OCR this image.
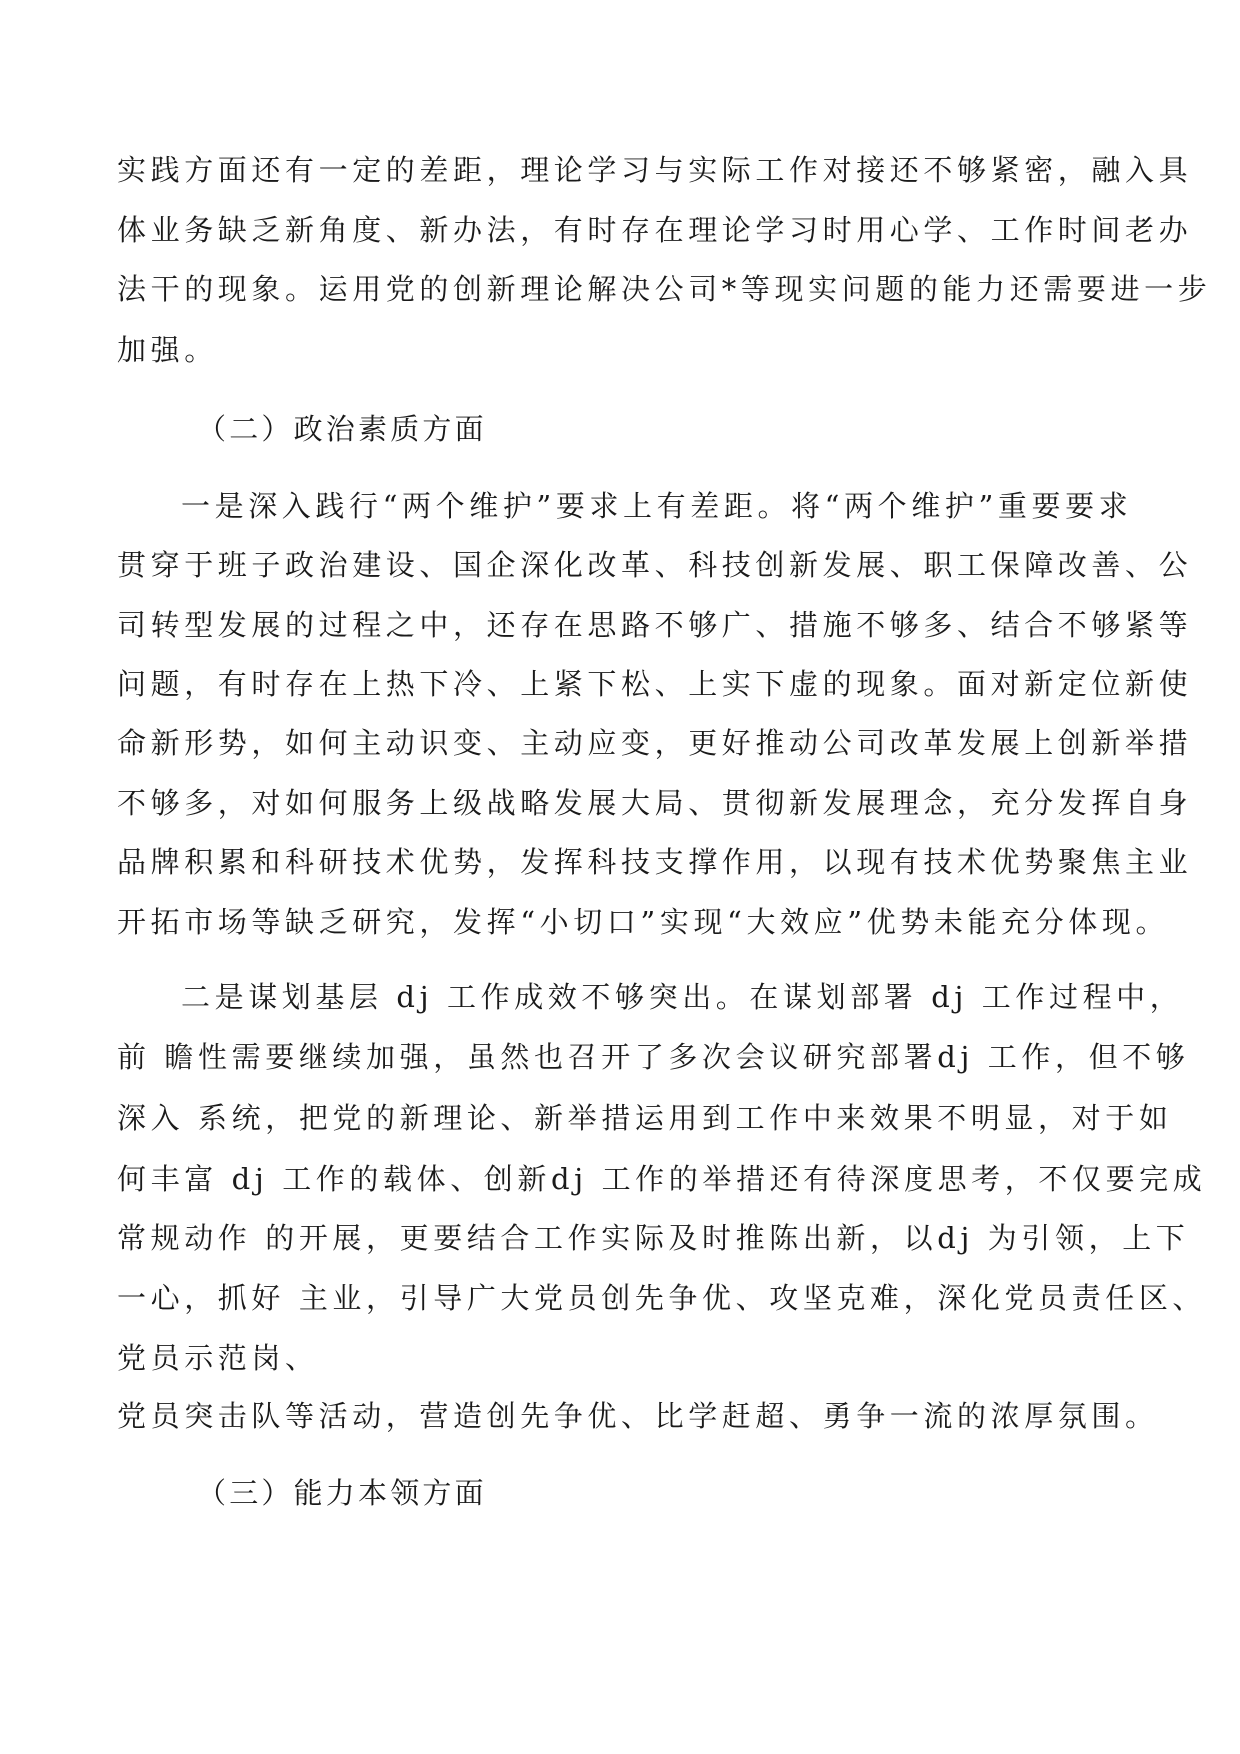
实践方面还有一定的差距，理论学习与实际工作对接还不够紧密，融入具
体业务缺乏新角度、新办法，有时存在理论学习时用心学、工作时间老办
法干的现象。运用党的创新理论解决公司*等现实问题的能力还需要进一步
加强。
（二）政治素质方面
一是深入践行“两个维护”要求上有差距。将“两个维护”重要要求
贯穿于班子政治建设、国企深化改革、科技创新发展、职工保障改善、公
司转型发展的过程之中，还存在思路不够广、措施不够多、结合不够紧等
问题，有时存在上热下冷、上紧下松、上实下虚的现象。面对新定位新使
命新形势，如何主动识变、主动应变，更好推动公司改革发展上创新举措
不够多，对如何服务上级战略发展大局、贯彻新发展理念，充分发挥自身
品牌积累和科研技术优势，发挥科技支撑作用，以现有技术优势聚焦主业
开拓市场等缺乏研究，发挥“小切口”实现“大效应”优势未能充分体现。
二是谋划基层 dj 工作成效不够突出。在谋划部署 dj 工作过程中，
前 瞻性需要继续加强，虽然也召开了多次会议研究部署dj 工作，但不够
深入 系统，把党的新理论、新举措运用到工作中来效果不明显，对于如
何丰富 dj 工作的载体、创新dj 工作的举措还有待深度思考，不仅要完成
常规动作 的开展，更要结合工作实际及时推陈出新，以dj 为引领，上下
一心，抓好 主业，引导广大党员创先争优、攻坚克难，深化党员责任区、
党员示范岗、
党员突击队等活动，营造创先争优、比学赶超、勇争一流的浓厚氛围。
（三）能力本领方面
